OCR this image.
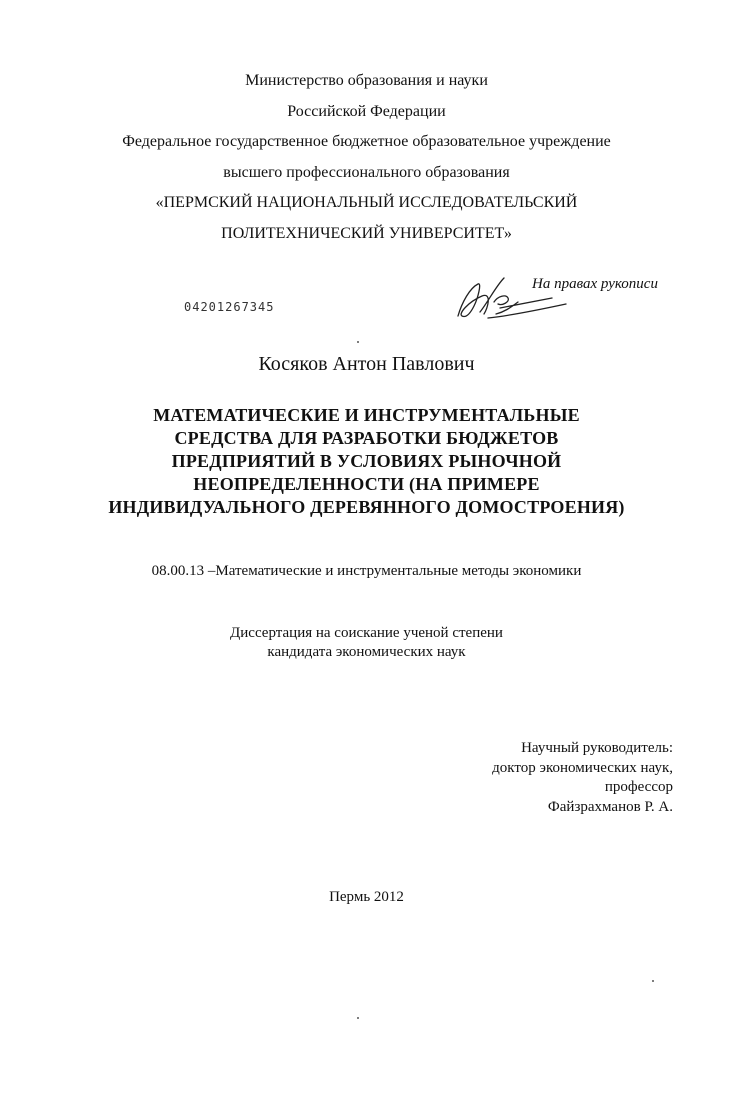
Министерство образования и науки
Российской Федерации
Федеральное государственное бюджетное образовательное учреждение
высшего профессионального образования
«ПЕРМСКИЙ НАЦИОНАЛЬНЫЙ ИССЛЕДОВАТЕЛЬСКИЙ
ПОЛИТЕХНИЧЕСКИЙ УНИВЕРСИТЕТ»
04201267345
На правах рукописи
Косяков Антон Павлович
МАТЕМАТИЧЕСКИЕ И ИНСТРУМЕНТАЛЬНЫЕ
СРЕДСТВА ДЛЯ РАЗРАБОТКИ БЮДЖЕТОВ
ПРЕДПРИЯТИЙ В УСЛОВИЯХ РЫНОЧНОЙ
НЕОПРЕДЕЛЕННОСТИ (НА ПРИМЕРЕ
ИНДИВИДУАЛЬНОГО ДЕРЕВЯННОГО ДОМОСТРОЕНИЯ)
08.00.13 –Математические и инструментальные методы экономики
Диссертация на соискание ученой степени
кандидата экономических наук
Научный руководитель:
доктор экономических наук,
профессор
Файзрахманов Р. А.
Пермь 2012
